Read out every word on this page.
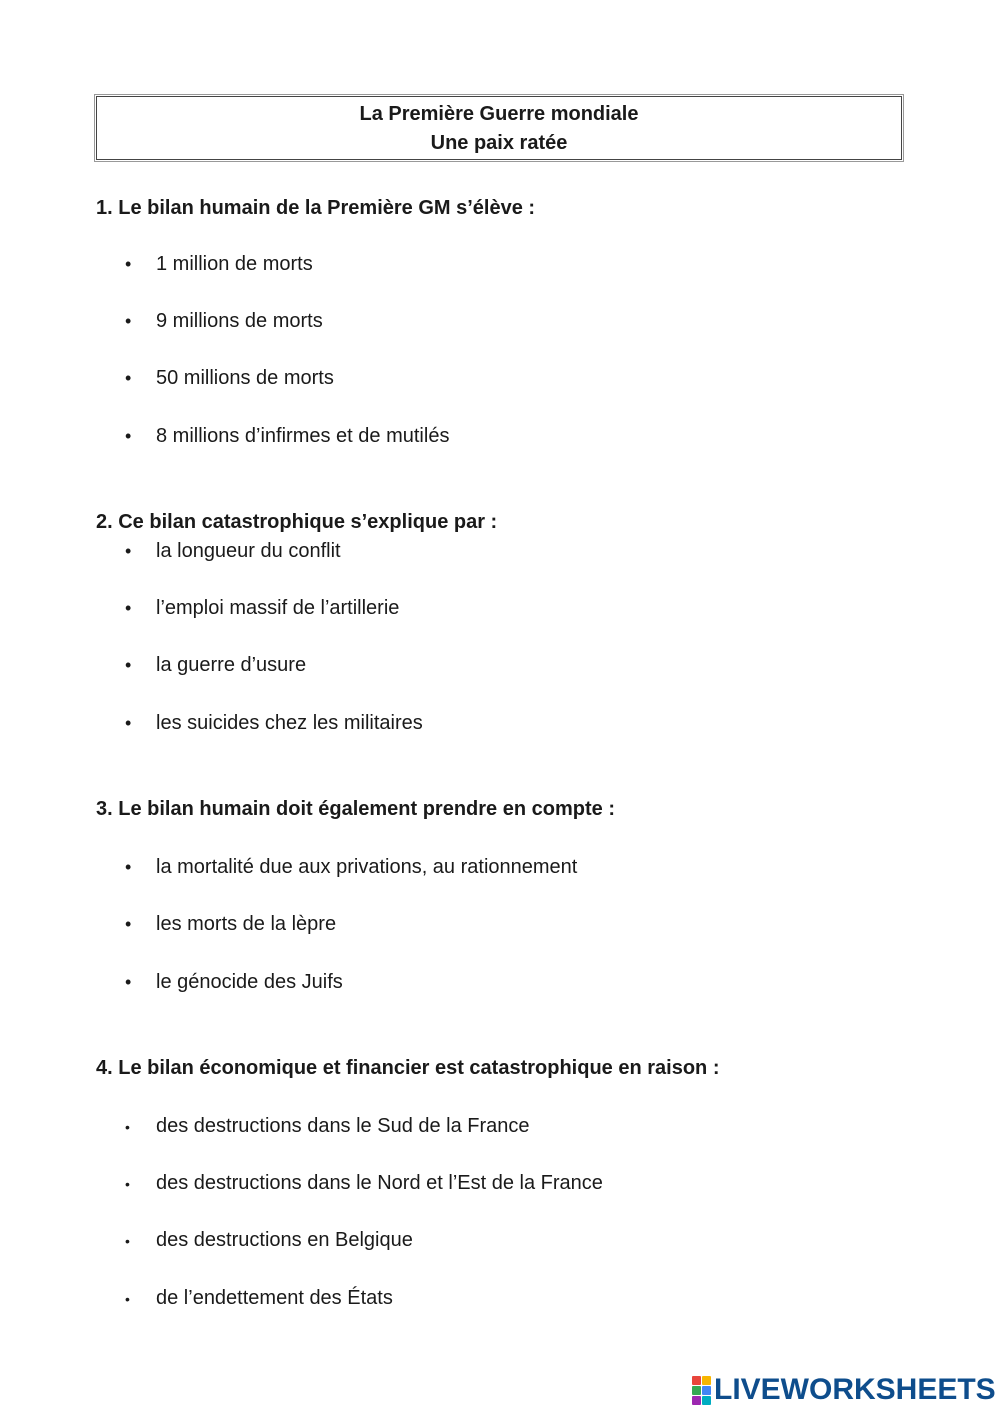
La Première Guerre mondiale
Une paix ratée
1. Le bilan humain de la Première GM s’élève :
• 1 million de morts
• 9 millions de morts
• 50 millions de morts
• 8 millions d’infirmes et de mutilés
2. Ce bilan catastrophique s’explique par :
• la longueur du conflit
• l’emploi massif de l’artillerie
• la guerre d’usure
• les suicides chez les militaires
3. Le bilan humain doit également prendre en compte :
• la mortalité due aux privations, au rationnement
• les morts de la lèpre
• le génocide des Juifs
4. Le bilan économique et financier est catastrophique en raison :
• des destructions dans le Sud de la France
• des destructions dans le Nord et l’Est de la France
• des destructions en Belgique
• de l’endettement des États
LIVEWORKSHEETS
